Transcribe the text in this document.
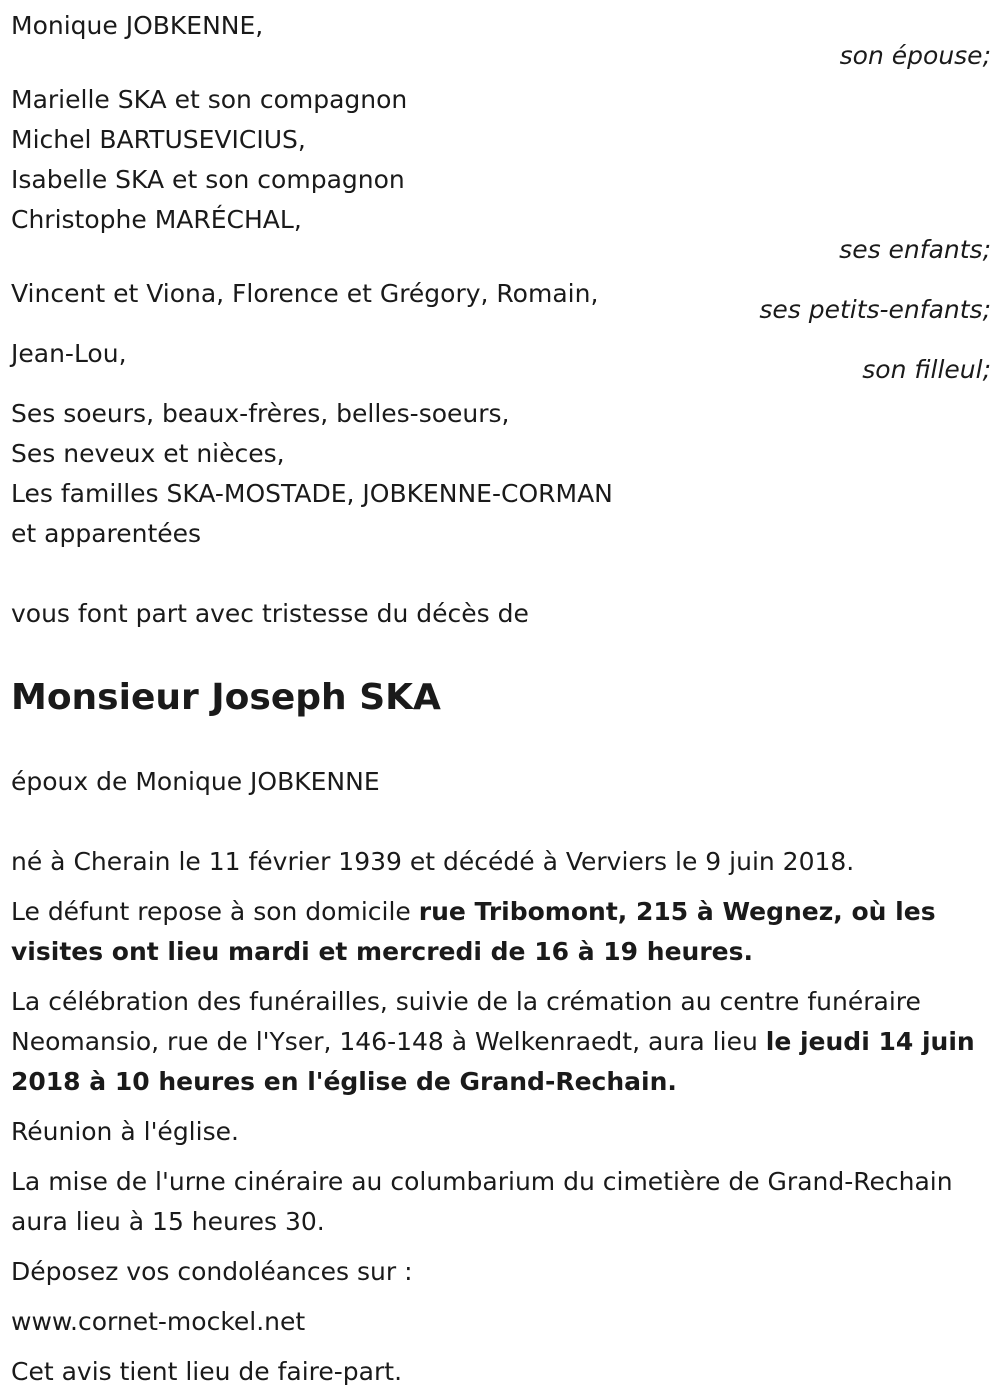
Monique JOBKENNE,
son épouse;
Marielle SKA et son compagnon
Michel BARTUSEVICIUS,
Isabelle SKA et son compagnon
Christophe MARÉCHAL,
ses enfants;
Vincent et Viona, Florence et Grégory, Romain,
ses petits-enfants;
Jean-Lou,
son filleul;
Ses soeurs, beaux-frères, belles-soeurs,
Ses neveux et nièces,
Les familles SKA-MOSTADE, JOBKENNE-CORMAN
et apparentées
vous font part avec tristesse du décès de
Monsieur Joseph SKA
époux de Monique JOBKENNE
né à Cherain le 11 février 1939 et décédé à Verviers le 9 juin 2018.
Le défunt repose à son domicile rue Tribomont, 215 à Wegnez, où les visites ont lieu mardi et mercredi de 16 à 19 heures.
La célébration des funérailles, suivie de la crémation au centre funéraire Neomansio, rue de l'Yser, 146-148 à Welkenraedt, aura lieu le jeudi 14 juin 2018 à 10 heures en l'église de Grand-Rechain.
Réunion à l'église.
La mise de l'urne cinéraire au columbarium du cimetière de Grand-Rechain aura lieu à 15 heures 30.
Déposez vos condoléances sur :
www.cornet-mockel.net
Cet avis tient lieu de faire-part.
